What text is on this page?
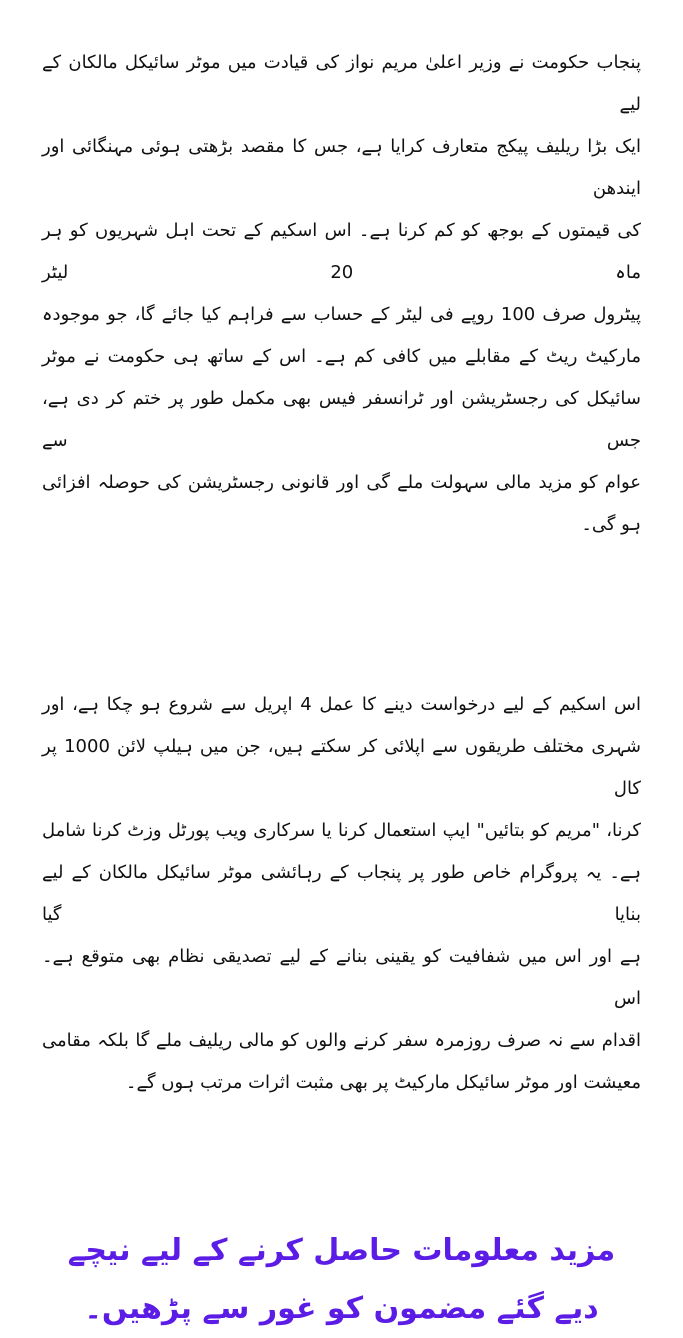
پنجاب حکومت نے وزیر اعلیٰ مریم نواز کی قیادت میں موٹر سائیکل مالکان کے لیے
ایک بڑا ریلیف پیکج متعارف کرایا ہے، جس کا مقصد بڑھتی ہوئی مہنگائی اور ایندھن
کی قیمتوں کے بوجھ کو کم کرنا ہے۔ اس اسکیم کے تحت اہل شہریوں کو ہر ماہ 20 لیٹر
پیٹرول صرف 100 روپے فی لیٹر کے حساب سے فراہم کیا جائے گا، جو موجودہ
مارکیٹ ریٹ کے مقابلے میں کافی کم ہے۔ اس کے ساتھ ہی حکومت نے موٹر
سائیکل کی رجسٹریشن اور ٹرانسفر فیس بھی مکمل طور پر ختم کر دی ہے، جس سے
عوام کو مزید مالی سہولت ملے گی اور قانونی رجسٹریشن کی حوصلہ افزائی ہو گی۔
اس اسکیم کے لیے درخواست دینے کا عمل 4 اپریل سے شروع ہو چکا ہے، اور
شہری مختلف طریقوں سے اپلائی کر سکتے ہیں، جن میں ہیلپ لائن 1000 پر کال
کرنا، "مریم کو بتائیں" ایپ استعمال کرنا یا سرکاری ویب پورٹل وزٹ کرنا شامل
ہے۔ یہ پروگرام خاص طور پر پنجاب کے رہائشی موٹر سائیکل مالکان کے لیے بنایا گیا
ہے اور اس میں شفافیت کو یقینی بنانے کے لیے تصدیقی نظام بھی متوقع ہے۔ اس
اقدام سے نہ صرف روزمرہ سفر کرنے والوں کو مالی ریلیف ملے گا بلکہ مقامی
معیشت اور موٹر سائیکل مارکیٹ پر بھی مثبت اثرات مرتب ہوں گے۔
مزید معلومات حاصل کرنے کے لیے نیچے
دیے گئے مضمون کو غور سے پڑھیں۔
